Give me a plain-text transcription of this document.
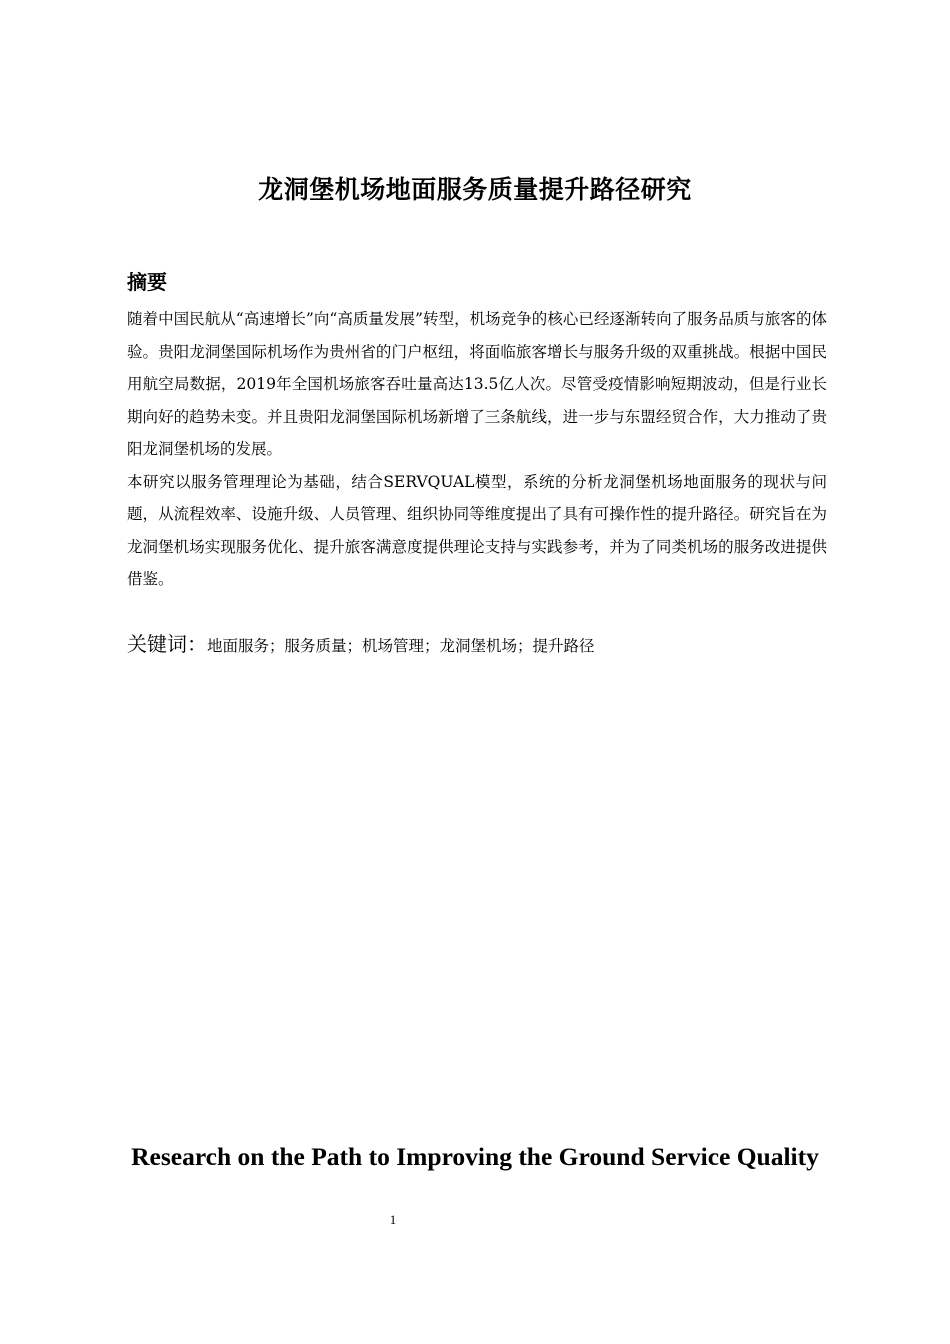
龙洞堡机场地面服务质量提升路径研究
摘要

随着中国民航从“高速增长”向“高质量发展”转型，机场竞争的核心已经逐渐转向了服务品质与旅客的体验。贵阳龙洞堡国际机场作为贵州省的门户枢纽，将面临旅客增长与服务升级的双重挑战。根据中国民用航空局数据，2019年全国机场旅客吞吐量高达13.5亿人次。尽管受疫情影响短期波动，但是行业长期向好的趋势未变。并且贵阳龙洞堡国际机场新增了三条航线，进一步与东盟经贸合作，大力推动了贵阳龙洞堡机场的发展。

本研究以服务管理理论为基础，结合SERVQUAL模型，系统的分析龙洞堡机场地面服务的现状与问题，从流程效率、设施升级、人员管理、组织协同等维度提出了具有可操作性的提升路径。研究旨在为龙洞堡机场实现服务优化、提升旅客满意度提供理论支持与实践参考，并为了同类机场的服务改进提供借鉴。

关键词：地面服务；服务质量；机场管理；龙洞堡机场；提升路径
Research on the Path to Improving the Ground Service Quality
1
